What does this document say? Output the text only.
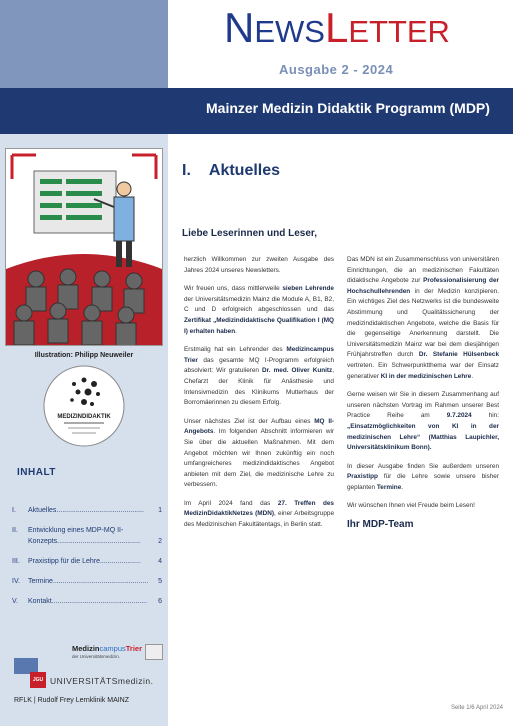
NEWSLETTER
Ausgabe 2 - 2024
Mainzer Medizin Didaktik Programm (MDP)
I. Aktuelles
Illustration: Philipp Neuweiler
MEDIZINDIDAKTIK
INHALT
I.	Aktuelles.............................................	1
II.	Entwicklung eines MDP-MQ II-Konzepts...........................................	2
III.	Praxistipp für die Lehre.....................	4
IV.	Termine.................................................	5
V.	Kontakt.................................................	6
MedizincampusTrier
der Universitätsmedizin.
JGU UNIVERSITÄTSmedizin.
RFLK | Rudolf Frey Lernklinik MAINZ
Liebe Leserinnen und Leser,

herzlich Willkommen zur zweiten Ausgabe des Jahres 2024 unseres Newsletters.

Wir freuen uns, dass mittlerweile sieben Lehrende der Universitätsmedizin Mainz die Module A, B1, B2, C und D erfolgreich abgeschlossen und das Zertifikat „Medizindidaktische Qualifikation I (MQ I) erhalten haben.

Erstmalig hat ein Lehrender des Medizincampus Trier das gesamte MQ I-Programm erfolgreich absolviert: Wir gratulieren Dr. med. Oliver Kunitz, Chefarzt der Klinik für Anästhesie und Intensivmedizin des Klinikums Mutterhaus der Borromäerinnen zu diesem Erfolg.

Unser nächstes Ziel ist der Aufbau eines MQ II-Angebots. Im folgenden Abschnitt informieren wir Sie über die aktuellen Maßnahmen. Mit dem Angebot möchten wir Ihnen zukünftig ein noch umfangreicheres medizindidaktisches Angebot anbieten mit dem Ziel, die medizinische Lehre zu verbessern.

Im April 2024 fand das 27. Treffen des MedizinDidaktikNetzes (MDN), einer Arbeitsgruppe des Medizinischen Fakultätentags, in Berlin statt.

Das MDN ist ein Zusammenschluss von universitären Einrichtungen, die an medizinischen Fakultäten didaktische Angebote zur Professionalisierung der Hochschullehrenden in der Medizin konzipieren. Ein wichtiges Ziel des Netzwerks ist die bundesweite Abstimmung und Qualitätssicherung der medizindidaktischen Angebote, welche die Basis für die gegenseitige Anerkennung darstellt. Die Universitätsmedizin Mainz war bei dem diesjährigen Frühjahrstreffen durch Dr. Stefanie Hülsenbeck vertreten. Ein Schwerpunktthema war der Einsatz generativer KI in der medizinischen Lehre.

Gerne weisen wir Sie in diesem Zusammenhang auf unseren nächsten Vortrag im Rahmen unserer Best Practice Reihe am 9.7.2024 hin: „Einsatzmöglichkeiten von KI in der medizinischen Lehre“ (Matthias Laupichler, Universitätsklinikum Bonn).

In dieser Ausgabe finden Sie außerdem unseren Praxistipp für die Lehre sowie unsere bisher geplanten Termine.

Wir wünschen Ihnen viel Freude beim Lesen!

Ihr MDP-Team
Seite 1/6 April 2024
